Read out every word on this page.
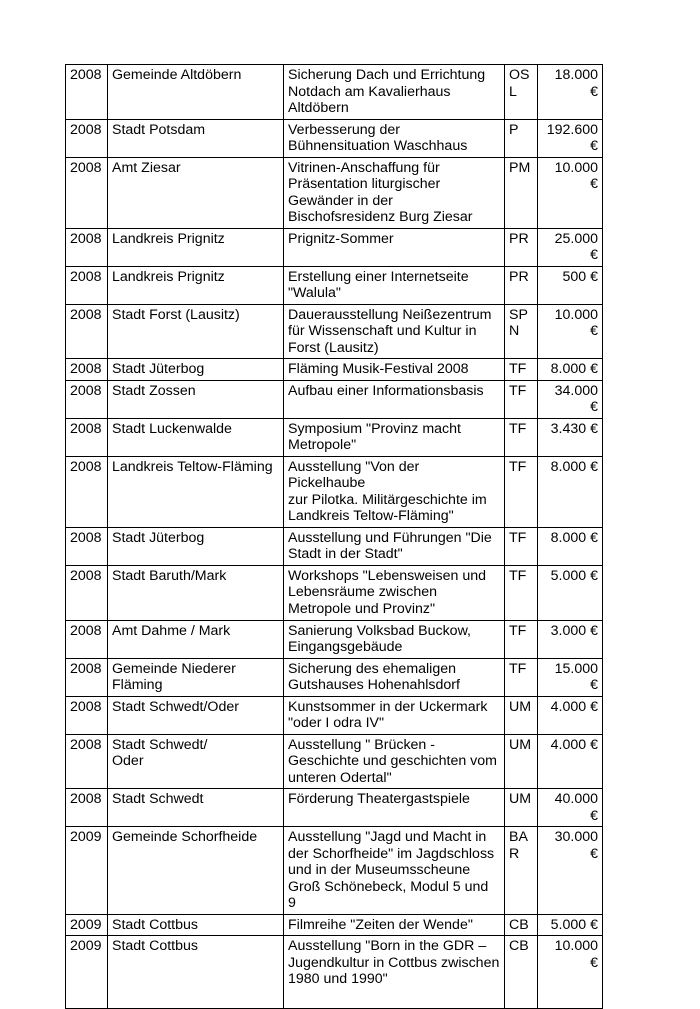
2008	Gemeinde Altdöbern	Sicherung Dach und Errichtung
Notdach am Kavalierhaus
Altdöbern	OS
L	18.000
€
2008	Stadt Potsdam	Verbesserung der
Bühnensituation Waschhaus	P	192.600
€
2008	Amt Ziesar	Vitrinen-Anschaffung für
Präsentation liturgischer
Gewänder in der
Bischofsresidenz Burg Ziesar	PM	10.000
€
2008	Landkreis Prignitz	Prignitz-Sommer	PR	25.000
€
2008	Landkreis Prignitz	Erstellung einer Internetseite
"Walula"	PR	500 €
2008	Stadt Forst (Lausitz)	Dauerausstellung Neißezentrum
für Wissenschaft und Kultur in
Forst (Lausitz)	SP
N	10.000
€
2008	Stadt Jüterbog	Fläming Musik-Festival 2008	TF	8.000 €
2008	Stadt Zossen	Aufbau einer Informationsbasis	TF	34.000
€
2008	Stadt Luckenwalde	Symposium "Provinz macht
Metropole"	TF	3.430 €
2008	Landkreis Teltow-Fläming	Ausstellung "Von der Pickelhaube
zur Pilotka. Militärgeschichte im
Landkreis Teltow-Fläming"	TF	8.000 €
2008	Stadt Jüterbog	Ausstellung und Führungen "Die
Stadt in der Stadt"	TF	8.000 €
2008	Stadt Baruth/Mark	Workshops "Lebensweisen und
Lebensräume zwischen
Metropole und Provinz"	TF	5.000 €
2008	Amt Dahme / Mark	Sanierung Volksbad Buckow,
Eingangsgebäude	TF	3.000 €
2008	Gemeinde Niederer
Fläming	Sicherung des ehemaligen
Gutshauses Hohenahlsdorf	TF	15.000
€
2008	Stadt Schwedt/Oder	Kunstsommer in der Uckermark
"oder I odra IV"	UM	4.000 €
2008	Stadt Schwedt/
Oder	Ausstellung " Brücken -
Geschichte und geschichten vom
unteren Odertal"	UM	4.000 €
2008	Stadt Schwedt	Förderung Theatergastspiele	UM	40.000
€
2009	Gemeinde Schorfheide	Ausstellung "Jagd und Macht in
der Schorfheide" im Jagdschloss
und in der Museumsscheune
Groß Schönebeck, Modul 5 und 9	BA
R	30.000
€
2009	Stadt Cottbus	Filmreihe "Zeiten der Wende"	CB	5.000 €
2009	Stadt Cottbus	Ausstellung "Born in the GDR –
Jugendkultur in Cottbus zwischen
1980 und 1990"	CB	10.000
€
